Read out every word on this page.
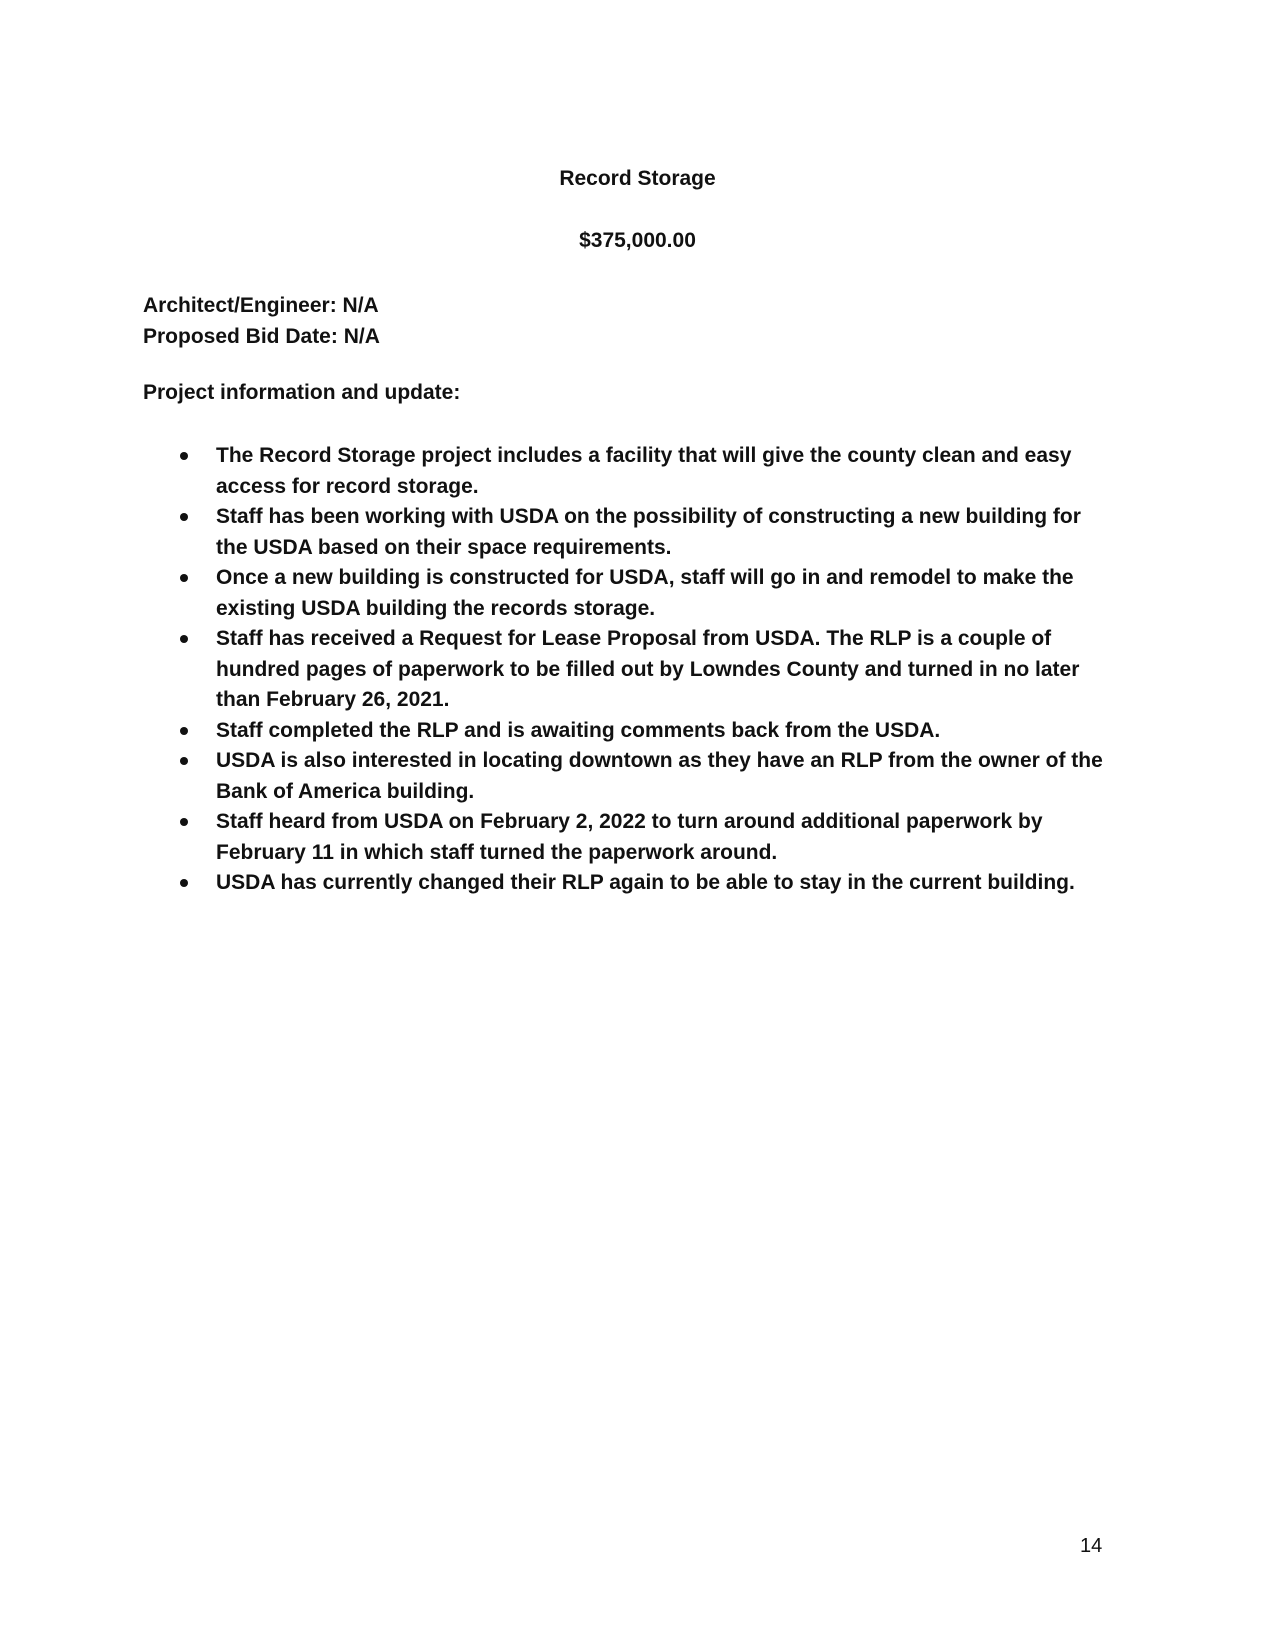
Record Storage
$375,000.00
Architect/Engineer: N/A
Proposed Bid Date: N/A
Project information and update:
The Record Storage project includes a facility that will give the county clean and easy access for record storage.
Staff has been working with USDA on the possibility of constructing a new building for the USDA based on their space requirements.
Once a new building is constructed for USDA, staff will go in and remodel to make the existing USDA building the records storage.
Staff has received a Request for Lease Proposal from USDA. The RLP is a couple of hundred pages of paperwork to be filled out by Lowndes County and turned in no later than February 26, 2021.
Staff completed the RLP and is awaiting comments back from the USDA.
USDA is also interested in locating downtown as they have an RLP from the owner of the Bank of America building.
Staff heard from USDA on February 2, 2022 to turn around additional paperwork by February 11 in which staff turned the paperwork around.
USDA has currently changed their RLP again to be able to stay in the current building.
14
